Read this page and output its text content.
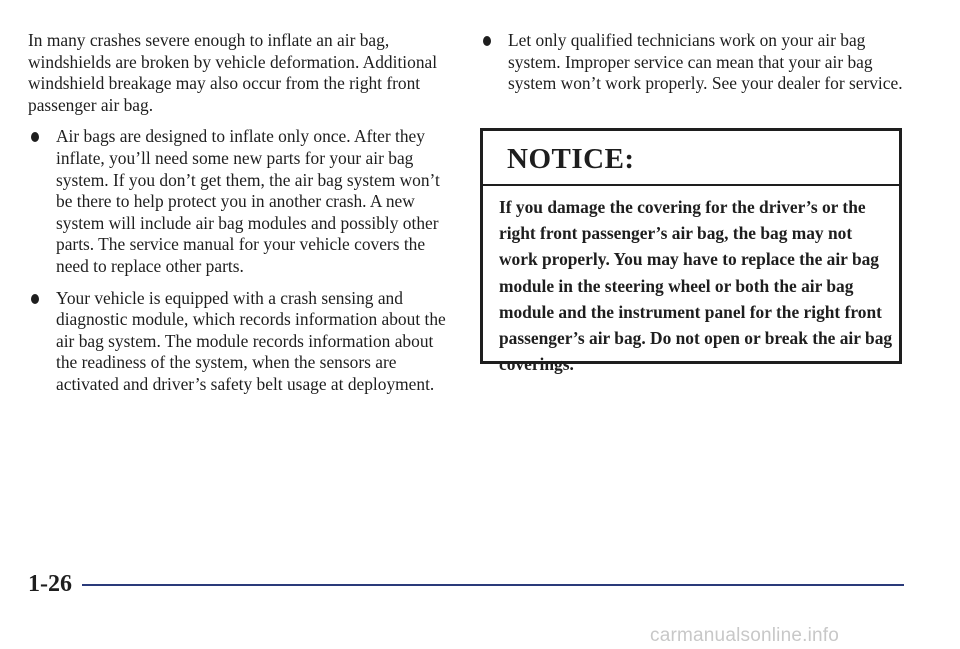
In many crashes severe enough to inflate an air bag, windshields are broken by vehicle deformation. Additional windshield breakage may also occur from the right front passenger air bag.

Air bags are designed to inflate only once. After they inflate, you’ll need some new parts for your air bag system. If you don’t get them, the air bag system won’t be there to help protect you in another crash. A new system will include air bag modules and possibly other parts. The service manual for your vehicle covers the need to replace other parts.
Your vehicle is equipped with a crash sensing and diagnostic module, which records information about the air bag system. The module records information about the readiness of the system, when the sensors are activated and driver’s safety belt usage at deployment.
Let only qualified technicians work on your air bag system. Improper service can mean that your air bag system won’t work properly. See your dealer for service.
NOTICE:
If you damage the covering for the driver’s or the right front passenger’s air bag, the bag may not work properly. You may have to replace the air bag module in the steering wheel or both the air bag module and the instrument panel for the right front passenger’s air bag. Do not open or break the air bag coverings.
1-26
carmanualsonline.info
